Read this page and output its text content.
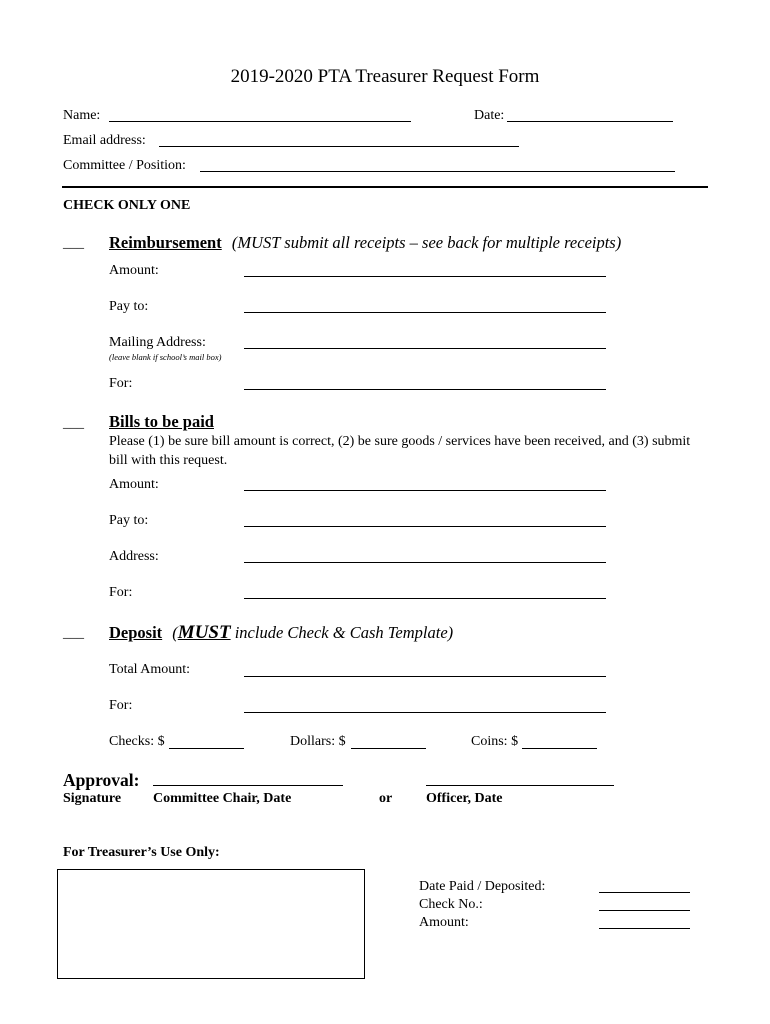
2019-2020 PTA Treasurer Request Form
Name:	Date:
Email address:
Committee / Position:
CHECK ONLY ONE
___ Reimbursement (MUST submit all receipts – see back for multiple receipts)
Amount:
Pay to:
Mailing Address:
(leave blank if school’s mail box)
For:
___ Bills to be paid
Please (1) be sure bill amount is correct, (2) be sure goods / services have been received, and (3) submit bill with this request.
Amount:
Pay to:
Address:
For:
___ Deposit (MUST include Check & Cash Template)
Total Amount:
For:
Checks: $	Dollars: $	Coins: $
Approval:
Signature Committee Chair, Date	or Officer, Date
For Treasurer’s Use Only:
Date Paid / Deposited:
Check No.:
Amount:
